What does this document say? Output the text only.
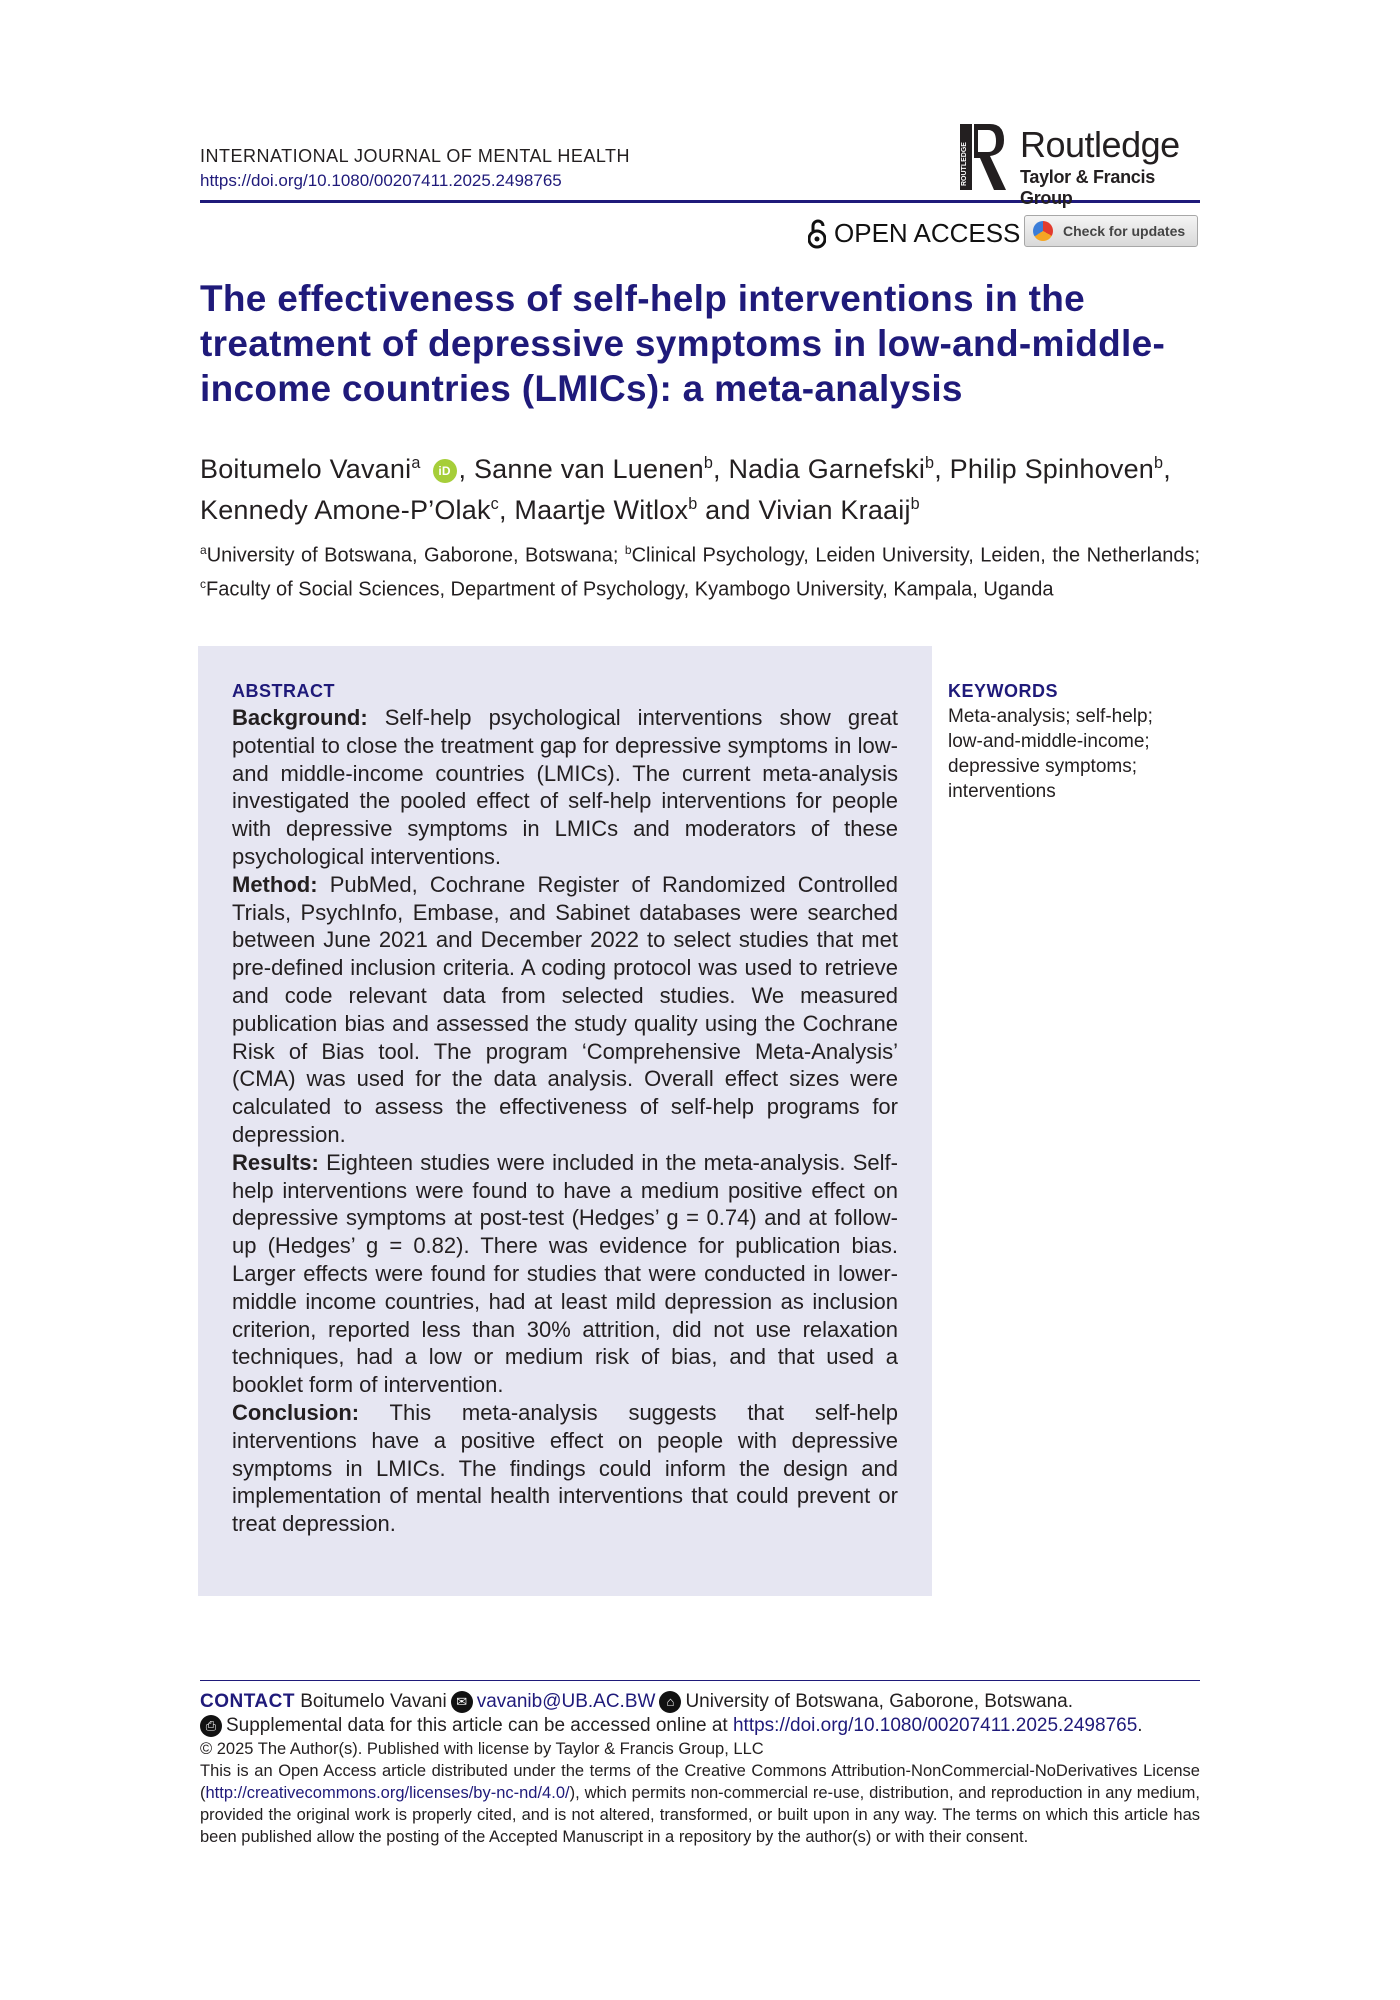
INTERNATIONAL JOURNAL OF MENTAL HEALTH
https://doi.org/10.1080/00207411.2025.2498765	ROUTLEDGE Routledge
Taylor & Francis Group
OPEN ACCESS	Check for updates
The effectiveness of self-help interventions in the treatment of depressive symptoms in low-and-middle-income countries (LMICs): a meta-analysis
Boitumelo Vavani$^a$ iD , Sanne van Luenen$^b$, Nadia Garnefski$^b$, Philip Spinhoven$^b$, Kennedy Amone-P’Olak$^c$, Maartje Witlox$^b$ and Vivian Kraaij$^b$
$^a$University of Botswana, Gaborone, Botswana; $^b$Clinical Psychology, Leiden University, Leiden, the Netherlands; $^c$Faculty of Social Sciences, Department of Psychology, Kyambogo University, Kampala, Uganda
ABSTRACT
Background: Self-help psychological interventions show great potential to close the treatment gap for depressive symptoms in low-and middle-income countries (LMICs). The current meta-analysis investigated the pooled effect of self-help interventions for people with depressive symptoms in LMICs and moderators of these psychological interventions.
Method: PubMed, Cochrane Register of Randomized Controlled Trials, PsychInfo, Embase, and Sabinet databases were searched between June 2021 and December 2022 to select studies that met pre-defined inclusion criteria. A coding protocol was used to retrieve and code relevant data from selected studies. We measured publication bias and assessed the study quality using the Cochrane Risk of Bias tool. The program ‘Comprehensive Meta-Analysis’ (CMA) was used for the data analysis. Overall effect sizes were calculated to assess the effectiveness of self-help programs for depression.
Results: Eighteen studies were included in the meta-analysis. Self-help interventions were found to have a medium positive effect on depressive symptoms at post-test (Hedges’ g = 0.74) and at follow-up (Hedges’ g = 0.82). There was evidence for publication bias. Larger effects were found for studies that were conducted in lower-middle income countries, had at least mild depression as inclusion criterion, reported less than 30% attrition, did not use relaxation techniques, had a low or medium risk of bias, and that used a booklet form of intervention.
Conclusion: This meta-analysis suggests that self-help interventions have a positive effect on people with depressive symptoms in LMICs. The findings could inform the design and implementation of mental health interventions that could prevent or treat depression.
KEYWORDS
Meta-analysis; self-help; low-and-middle-income; depressive symptoms; interventions
CONTACT Boitumelo Vavani ✉ vavanib@UB.AC.BW ⌂ University of Botswana, Gaborone, Botswana.
⎙ Supplemental data for this article can be accessed online at https://doi.org/10.1080/00207411.2025.2498765.
© 2025 The Author(s). Published with license by Taylor & Francis Group, LLC
This is an Open Access article distributed under the terms of the Creative Commons Attribution-NonCommercial-NoDerivatives License (http://creativecommons.org/licenses/by-nc-nd/4.0/), which permits non-commercial re-use, distribution, and reproduction in any medium, provided the original work is properly cited, and is not altered, transformed, or built upon in any way. The terms on which this article has been published allow the posting of the Accepted Manuscript in a repository by the author(s) or with their consent.
